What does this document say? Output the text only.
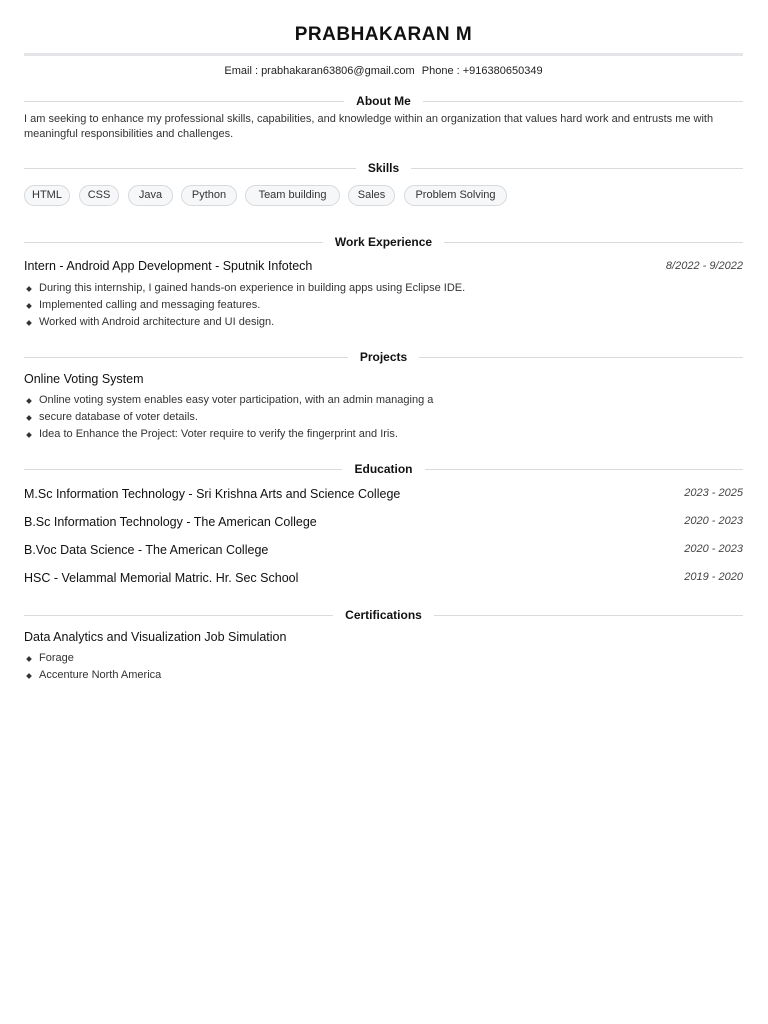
PRABHAKARAN M
Email : prabhakaran63806@gmail.com Phone : +916380650349
About Me
I am seeking to enhance my professional skills, capabilities, and knowledge within an organization that values hard work and entrusts me with meaningful responsibilities and challenges.
Skills
HTML	CSS	Java	Python	Team building	Sales	Problem Solving
Work Experience
Intern - Android App Development - Sputnik Infotech	8/2022 - 9/2022
During this internship, I gained hands-on experience in building apps using Eclipse IDE.
Implemented calling and messaging features.
Worked with Android architecture and UI design.
Projects
Online Voting System
Online voting system enables easy voter participation, with an admin managing a
secure database of voter details.
Idea to Enhance the Project: Voter require to verify the fingerprint and Iris.
Education
M.Sc Information Technology - Sri Krishna Arts and Science College	2023 - 2025
B.Sc Information Technology - The American College	2020 - 2023
B.Voc Data Science - The American College	2020 - 2023
HSC - Velammal Memorial Matric. Hr. Sec School	2019 - 2020
Certifications
Data Analytics and Visualization Job Simulation
Forage
Accenture North America
